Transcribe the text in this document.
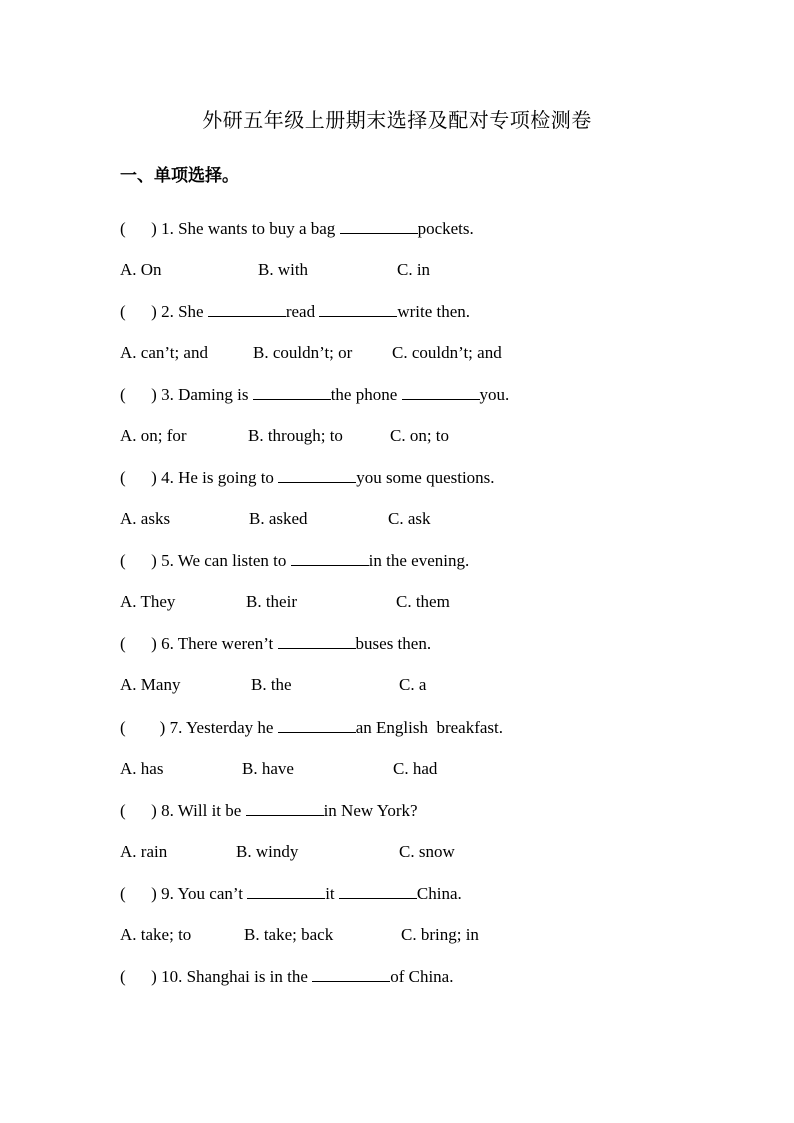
外研五年级上册期末选择及配对专项检测卷
一、单项选择。
(      ) 1. She wants to buy a bag	pockets.
A. On	B. with	C. in
(      ) 2. She	read	write then.
A. can’t; and	B. couldn’t; or C. couldn’t; and
(      ) 3. Daming is	the phone	you.
A. on; for	B. through; to	C. on; to
(      ) 4. He is going to	you some questions.
A. asks	B. asked	C. ask
(      ) 5. We can listen to	in the evening.
A. They	B. their	C. them
(      ) 6. There weren’t	buses then.
A. Many	B. the	C. a
(        ) 7. Yesterday he	an English  breakfast.
A. has	B. have	C. had
(      ) 8. Will it be	in New York?
A. rain	B. windy	C. snow
(      ) 9. You can’t	it	China.
A. take; to	B. take; back	C. bring; in
(      ) 10. Shanghai is in the	of China.
